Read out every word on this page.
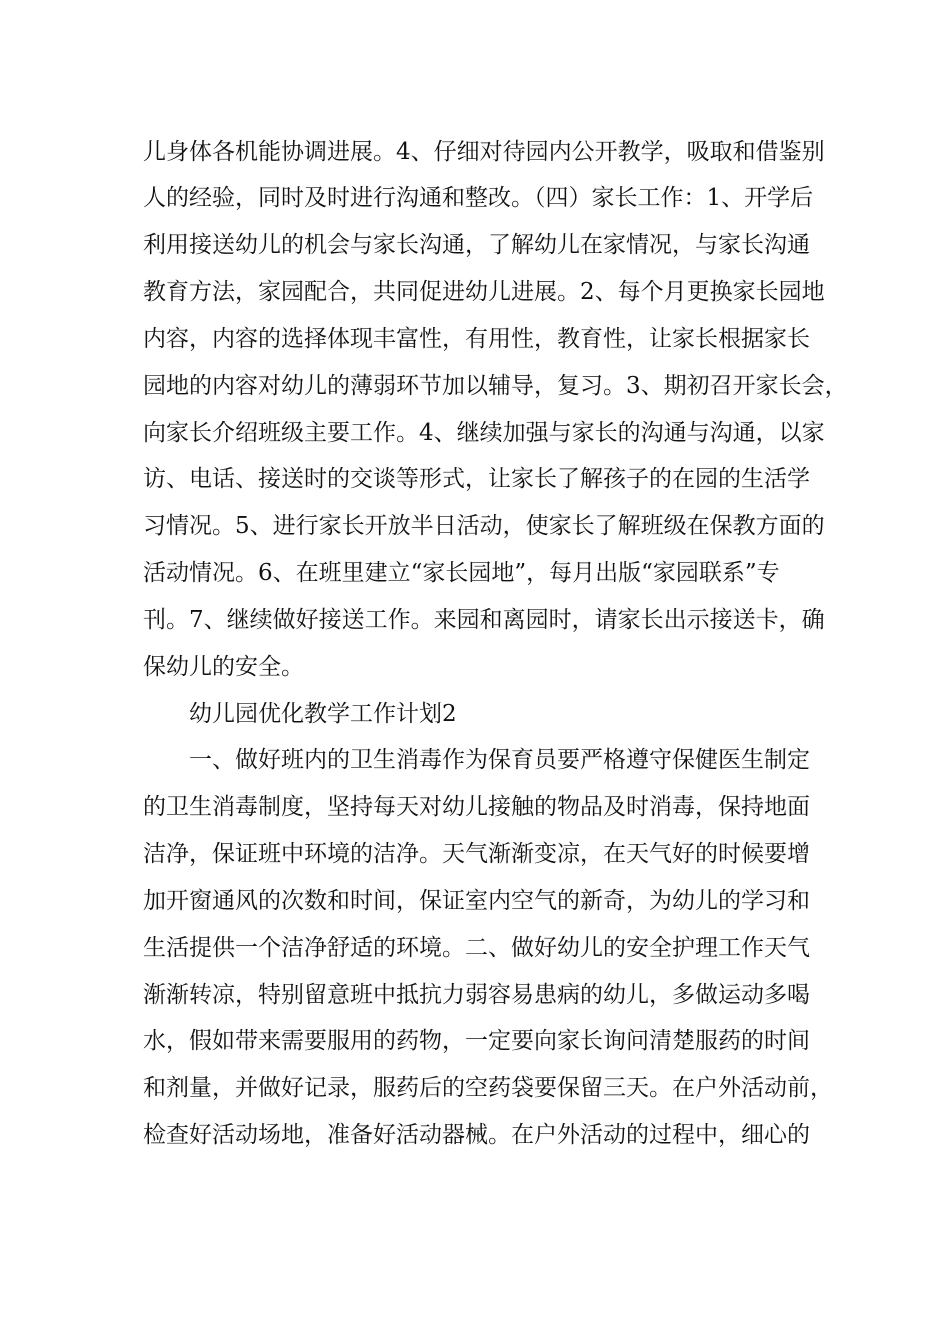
儿身体各机能协调进展。4、仔细对待园内公开教学，吸取和借鉴别
人的经验，同时及时进行沟通和整改。（四）家长工作：1、开学后
利用接送幼儿的机会与家长沟通，了解幼儿在家情况，与家长沟通
教育方法，家园配合，共同促进幼儿进展。2、每个月更换家长园地
内容，内容的选择体现丰富性，有用性，教育性，让家长根据家长
园地的内容对幼儿的薄弱环节加以辅导，复习。3、期初召开家长会，
向家长介绍班级主要工作。4、继续加强与家长的沟通与沟通，以家
访、电话、接送时的交谈等形式，让家长了解孩子的在园的生活学
习情况。5、进行家长开放半日活动，使家长了解班级在保教方面的
活动情况。6、在班里建立“家长园地”，每月出版“家园联系”专
刊。7、继续做好接送工作。来园和离园时，请家长出示接送卡，确
保幼儿的安全。
幼儿园优化教学工作计划2
一、做好班内的卫生消毒作为保育员要严格遵守保健医生制定
的卫生消毒制度，坚持每天对幼儿接触的物品及时消毒，保持地面
洁净，保证班中环境的洁净。天气渐渐变凉，在天气好的时候要增
加开窗通风的次数和时间，保证室内空气的新奇，为幼儿的学习和
生活提供一个洁净舒适的环境。二、做好幼儿的安全护理工作天气
渐渐转凉，特别留意班中抵抗力弱容易患病的幼儿，多做运动多喝
水，假如带来需要服用的药物，一定要向家长询问清楚服药的时间
和剂量，并做好记录，服药后的空药袋要保留三天。在户外活动前，
检查好活动场地，准备好活动器械。在户外活动的过程中，细心的
